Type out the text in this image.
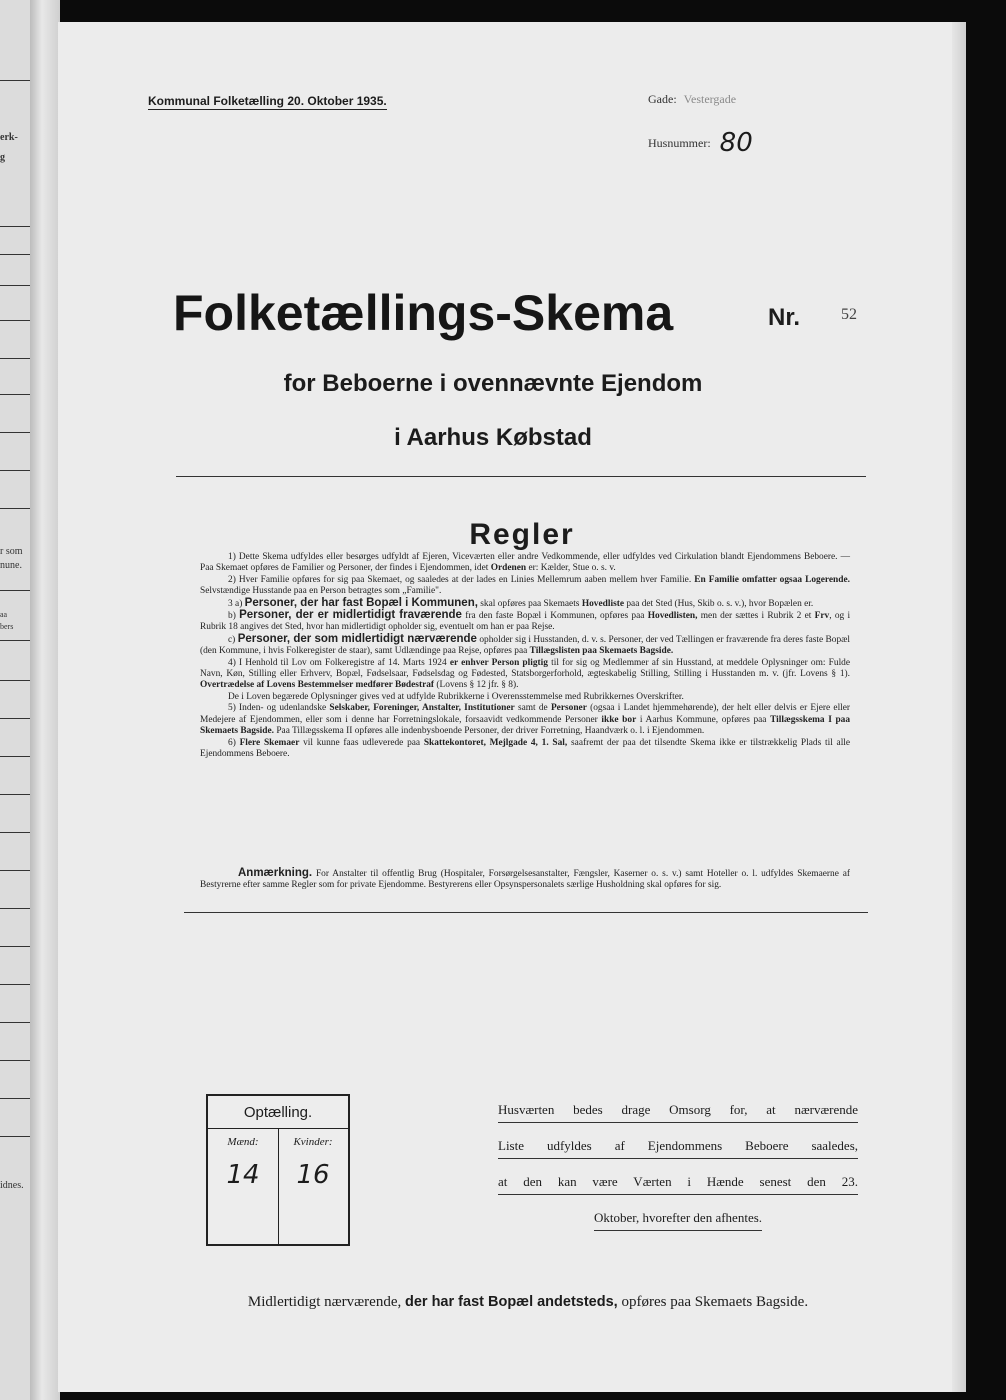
erk-
g
r som
nune.
aa
bers
idnes.
Kommunal Folketælling 20. Oktober 1935.	Gade: Vestergade
Husnummer: 80
Folketællings-Skema	Nr.	52
for Beboerne i ovennævnte Ejendom
i Aarhus Købstad
Regler

1) Dette Skema udfyldes eller besørges udfyldt af Ejeren, Viceværten eller andre Vedkommende, eller udfyldes ved Cirkulation blandt Ejendommens Beboere. — Paa Skemaet opføres de Familier og Personer, der findes i Ejendommen, idet Ordenen er: Kælder, Stue o. s. v.

2) Hver Familie opføres for sig paa Skemaet, og saaledes at der lades en Linies Mellemrum aaben mellem hver Familie. En Familie omfatter ogsaa Logerende. Selvstændige Husstande paa en Person betragtes som „Familie".

3 a) Personer, der har fast Bopæl i Kommunen, skal opføres paa Skemaets Hovedliste paa det Sted (Hus, Skib o. s. v.), hvor Bopælen er.

b) Personer, der er midlertidigt fraværende fra den faste Bopæl i Kommunen, opføres paa Hovedlisten, men der sættes i Rubrik 2 et Frv, og i Rubrik 18 angives det Sted, hvor han midlertidigt opholder sig, eventuelt om han er paa Rejse.

c) Personer, der som midlertidigt nærværende opholder sig i Husstanden, d. v. s. Personer, der ved Tællingen er fraværende fra deres faste Bopæl (den Kommune, i hvis Folkeregister de staar), samt Udlændinge paa Rejse, opføres paa Tillægslisten paa Skemaets Bagside.

4) I Henhold til Lov om Folkeregistre af 14. Marts 1924 er enhver Person pligtig til for sig og Medlemmer af sin Husstand, at meddele Oplysninger om: Fulde Navn, Køn, Stilling eller Erhverv, Bopæl, Fødselsaar, Fødselsdag og Fødested, Statsborgerforhold, ægteskabelig Stilling, Stilling i Husstanden m. v. (jfr. Lovens § 1). Overtrædelse af Lovens Bestemmelser medfører Bødestraf (Lovens § 12 jfr. § 8).

De i Loven begærede Oplysninger gives ved at udfylde Rubrikkerne i Overensstemmelse med Rubrikkernes Overskrifter.

5) Inden- og udenlandske Selskaber, Foreninger, Anstalter, Institutioner samt de Personer (ogsaa i Landet hjemmehørende), der helt eller delvis er Ejere eller Medejere af Ejendommen, eller som i denne har Forretningslokale, forsaavidt vedkommende Personer ikke bor i Aarhus Kommune, opføres paa Tillægsskema I paa Skemaets Bagside. Paa Tillægsskema II opføres alle indenbysboende Personer, der driver Forretning, Haandværk o. l. i Ejendommen.

6) Flere Skemaer vil kunne faas udleverede paa Skattekontoret, Mejlgade 4, 1. Sal, saafremt der paa det tilsendte Skema ikke er tilstrækkelig Plads til alle Ejendommens Beboere.

Anmærkning. For Anstalter til offentlig Brug (Hospitaler, Forsørgelsesanstalter, Fængsler, Kaserner o. s. v.) samt Hoteller o. l. udfyldes Skemaerne af Bestyrerne efter samme Regler som for private Ejendomme. Bestyrerens eller Opsynspersonalets særlige Husholdning skal opføres for sig.
Optælling.
Mænd:	Kvinder:
14	16
Husværten bedes drage Omsorg for, at nærværende
Liste udfyldes af Ejendommens Beboere saaledes,
at den kan være Værten i Hænde senest den 23.
Oktober, hvorefter den afhentes.
Midlertidigt nærværende, der har fast Bopæl andetsteds, opføres paa Skemaets Bagside.
